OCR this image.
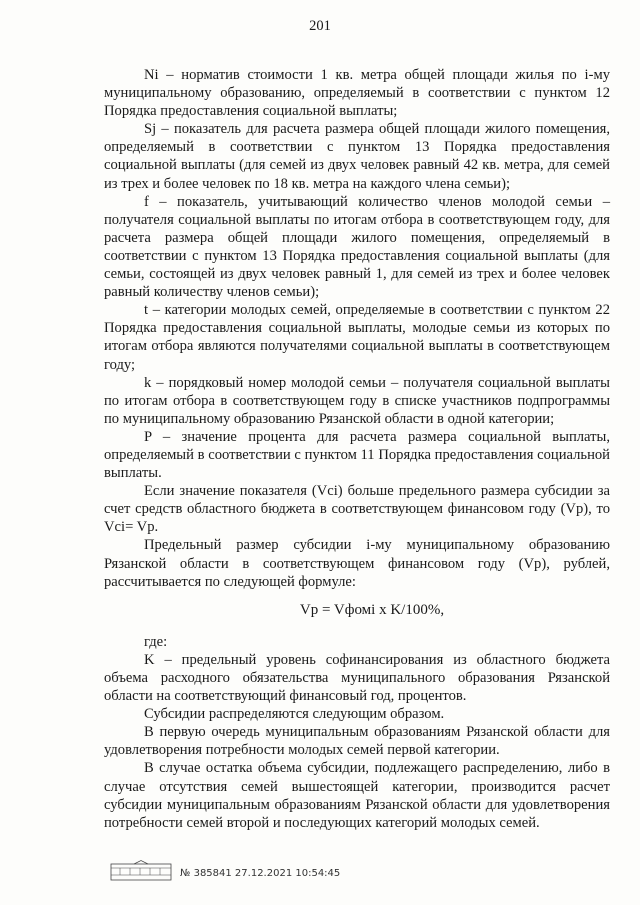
201

Ni – норматив стоимости 1 кв. метра общей площади жилья по i-му муниципальному образованию, определяемый в соответствии с пунктом 12 Порядка предоставления социальной выплаты;

Sj – показатель для расчета размера общей площади жилого помещения, определяемый в соответствии с пунктом 13 Порядка предоставления социальной выплаты (для семей из двух человек равный 42 кв. метра, для семей из трех и более человек по 18 кв. метра на каждого члена семьи);

f – показатель, учитывающий количество членов молодой семьи – получателя социальной выплаты по итогам отбора в соответствующем году, для расчета размера общей площади жилого помещения, определяемый в соответствии с пунктом 13 Порядка предоставления социальной выплаты (для семьи, состоящей из двух человек равный 1, для семей из трех и более человек равный количеству членов семьи);

t – категории молодых семей, определяемые в соответствии с пунктом 22 Порядка предоставления социальной выплаты, молодые семьи из которых по итогам отбора являются получателями социальной выплаты в соответствующем году;

k – порядковый номер молодой семьи – получателя социальной выплаты по итогам отбора в соответствующем году в списке участников подпрограммы по муниципальному образованию Рязанской области в одной категории;

P – значение процента для расчета размера социальной выплаты, определяемый в соответствии с пунктом 11 Порядка предоставления социальной выплаты.

Если значение показателя (Vci) больше предельного размера субсидии за счет средств областного бюджета в соответствующем финансовом году (Vp), то Vci= Vp.

Предельный размер субсидии i-му муниципальному образованию Рязанской области в соответствующем финансовом году (Vp), рублей, рассчитывается по следующей формуле:

Vp = Vфомi x K/100%,

где:

K – предельный уровень софинансирования из областного бюджета объема расходного обязательства муниципального образования Рязанской области на соответствующий финансовый год, процентов.

Субсидии распределяются следующим образом.

В первую очередь муниципальным образованиям Рязанской области для удовлетворения потребности молодых семей первой категории.

В случае остатка объема субсидии, подлежащего распределению, либо в случае отсутствия семей вышестоящей категории, производится расчет субсидии муниципальным образованиям Рязанской области для удовлетворения потребности семей второй и последующих категорий молодых семей.

№ 385841 27.12.2021 10:54:45
